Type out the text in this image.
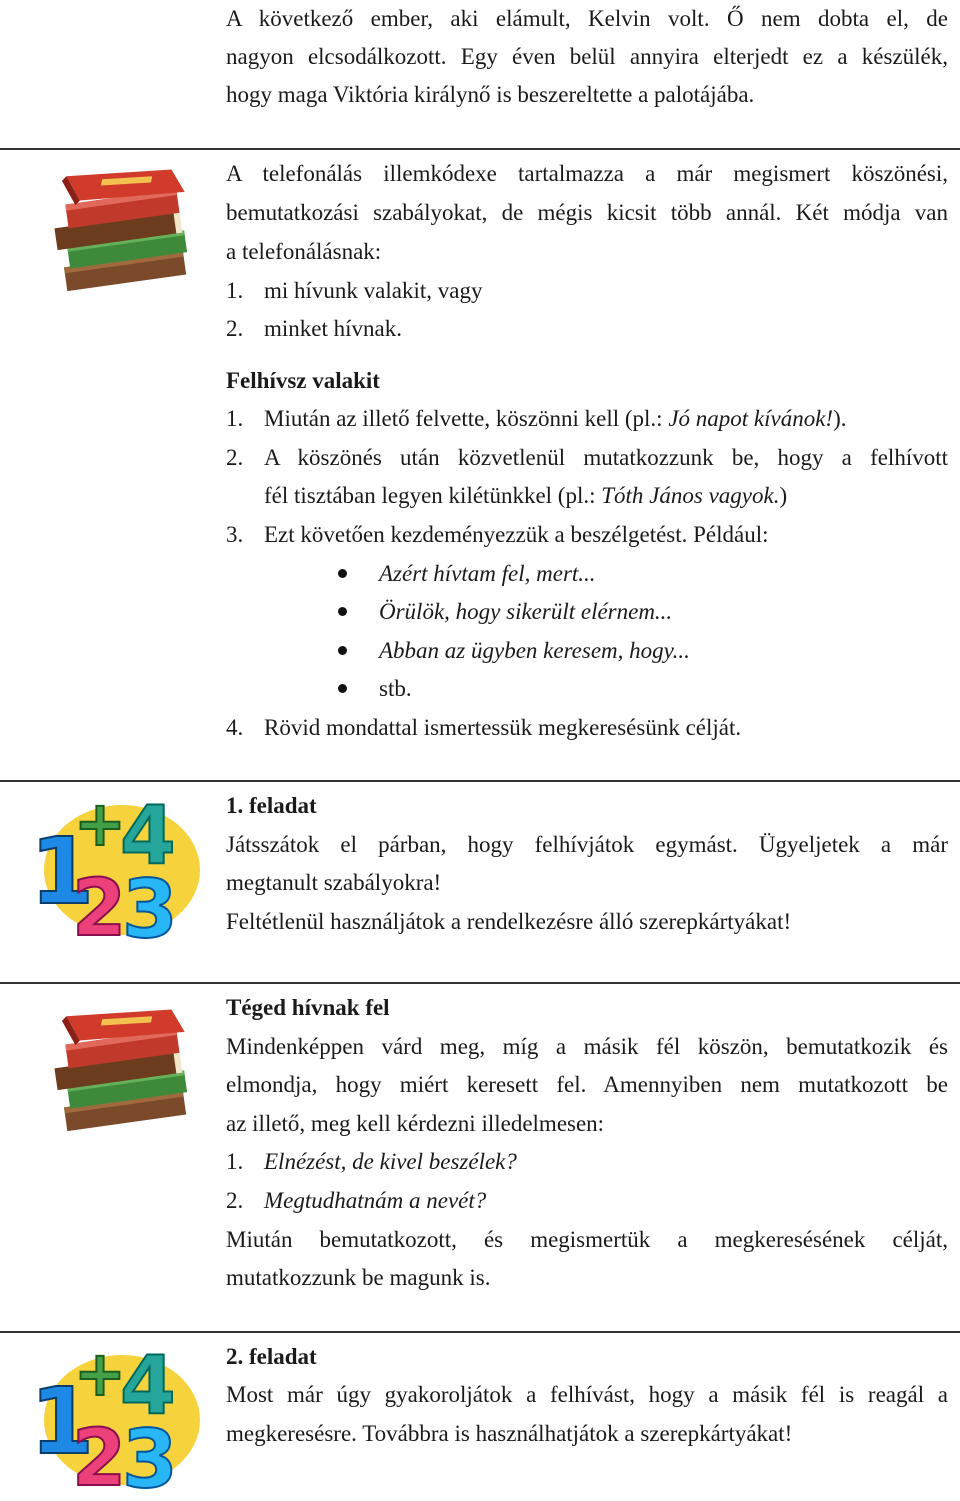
A következő ember, aki elámult, Kelvin volt. Ő nem dobta el, de
nagyon elcsodálkozott. Egy éven belül annyira elterjedt ez a készülék,
hogy maga Viktória királynő is beszereltette a palotájába.
A telefonálás illemkódexe tartalmazza a már megismert köszönési,
bemutatkozási szabályokat, de mégis kicsit több annál. Két módja van
a telefonálásnak:
1. mi hívunk valakit, vagy
2. minket hívnak.
Felhívsz valakit
1. Miután az illető felvette, köszönni kell (pl.: Jó napot kívánok!).
2. A köszönés után közvetlenül mutatkozzunk be, hogy a felhívott
fél tisztában legyen kilétünkkel (pl.: Tóth János vagyok.)
3. Ezt követően kezdeményezzük a beszélgetést. Például:
Azért hívtam fel, mert...
Örülök, hogy sikerült elérnem...
Abban az ügyben keresem, hogy...
stb.
4. Rövid mondattal ismertessük megkeresésünk célját.
1
+
4
2
3
1. feladat
Játsszátok el párban, hogy felhívjátok egymást. Ügyeljetek a már
megtanult szabályokra!
Feltétlenül használjátok a rendelkezésre álló szerepkártyákat!
Téged hívnak fel
Mindenképpen várd meg, míg a másik fél köszön, bemutatkozik és
elmondja, hogy miért keresett fel. Amennyiben nem mutatkozott be
az illető, meg kell kérdezni illedelmesen:
1. Elnézést, de kivel beszélek?
2. Megtudhatnám a nevét?
Miután bemutatkozott, és megismertük a megkeresésének célját,
mutatkozzunk be magunk is.
1
+
4
2
3
2. feladat
Most már úgy gyakoroljátok a felhívást, hogy a másik fél is reagál a
megkeresésre. Továbbra is használhatjátok a szerepkártyákat!
